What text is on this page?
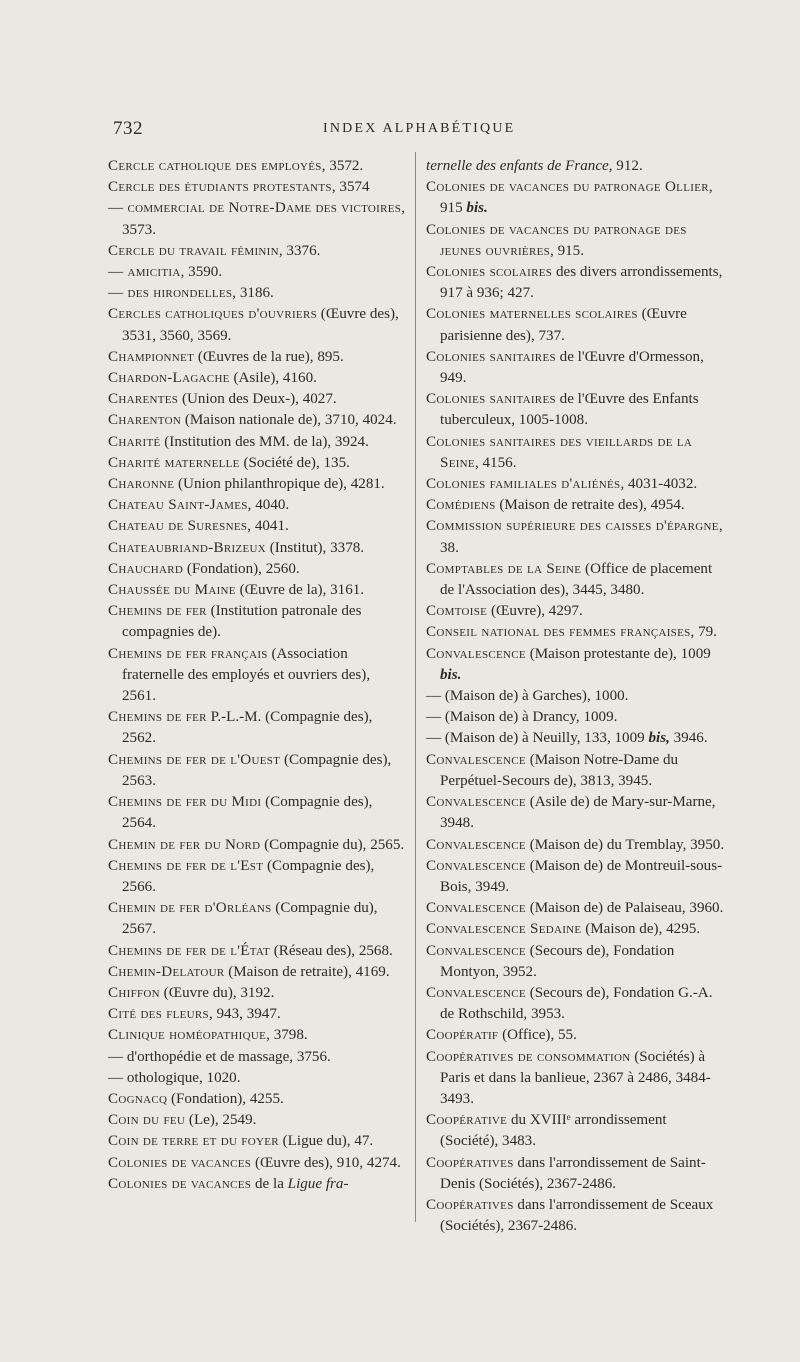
732	INDEX ALPHABÉTIQUE

Cercle catholique des employés, 3572.

Cercle des étudiants protestants, 3574

— commercial de Notre-Dame des victoires, 3573.

Cercle du travail féminin, 3376.

— amicitia, 3590.

— des hirondelles, 3186.

Cercles catholiques d'ouvriers (Œuvre des), 3531, 3560, 3569.

Championnet (Œuvres de la rue), 895.

Chardon-Lagache (Asile), 4160.

Charentes (Union des Deux-), 4027.

Charenton (Maison nationale de), 3710, 4024.

Charité (Institution des MM. de la), 3924.

Charité maternelle (Société de), 135.

Charonne (Union philanthropique de), 4281.

Chateau Saint-James, 4040.

Chateau de Suresnes, 4041.

Chateaubriand-Brizeux (Institut), 3378.

Chauchard (Fondation), 2560.

Chaussée du Maine (Œuvre de la), 3161.

Chemins de fer (Institution patronale des compagnies de).

Chemins de fer français (Association fraternelle des employés et ouvriers des), 2561.

Chemins de fer P.-L.-M. (Compagnie des), 2562.

Chemins de fer de l'Ouest (Compagnie des), 2563.

Chemins de fer du Midi (Compagnie des), 2564.

Chemin de fer du Nord (Compagnie du), 2565.

Chemins de fer de l'Est (Compagnie des), 2566.

Chemin de fer d'Orléans (Compagnie du), 2567.

Chemins de fer de l'État (Réseau des), 2568.

Chemin-Delatour (Maison de retraite), 4169.

Chiffon (Œuvre du), 3192.

Cité des fleurs, 943, 3947.

Clinique homéopathique, 3798.

— d'orthopédie et de massage, 3756.

— othologique, 1020.

Cognacq (Fondation), 4255.

Coin du feu (Le), 2549.

Coin de terre et du foyer (Ligue du), 47.

Colonies de vacances (Œuvre des), 910, 4274.

Colonies de vacances de la Ligue fra-

ternelle des enfants de France, 912.

Colonies de vacances du patronage Ollier, 915 bis.

Colonies de vacances du patronage des jeunes ouvrières, 915.

Colonies scolaires des divers arrondissements, 917 à 936; 427.

Colonies maternelles scolaires (Œuvre parisienne des), 737.

Colonies sanitaires de l'Œuvre d'Ormesson, 949.

Colonies sanitaires de l'Œuvre des Enfants tuberculeux, 1005-1008.

Colonies sanitaires des vieillards de la Seine, 4156.

Colonies familiales d'aliénés, 4031-4032.

Comédiens (Maison de retraite des), 4954.

Commission supérieure des caisses d'épargne, 38.

Comptables de la Seine (Office de placement de l'Association des), 3445, 3480.

Comtoise (Œuvre), 4297.

Conseil national des femmes françaises, 79.

Convalescence (Maison protestante de), 1009 bis.

— (Maison de) à Garches), 1000.

— (Maison de) à Drancy, 1009.

— (Maison de) à Neuilly, 133, 1009 bis, 3946.

Convalescence (Maison Notre-Dame du Perpétuel-Secours de), 3813, 3945.

Convalescence (Asile de) de Mary-sur-Marne, 3948.

Convalescence (Maison de) du Tremblay, 3950.

Convalescence (Maison de) de Montreuil-sous-Bois, 3949.

Convalescence (Maison de) de Palaiseau, 3960.

Convalescence Sedaine (Maison de), 4295.

Convalescence (Secours de), Fondation Montyon, 3952.

Convalescence (Secours de), Fondation G.-A. de Rothschild, 3953.

Coopératif (Office), 55.

Coopératives de consommation (Sociétés) à Paris et dans la banlieue, 2367 à 2486, 3484-3493.

Coopérative du XVIIIᵉ arrondissement (Société), 3483.

Coopératives dans l'arrondissement de Saint-Denis (Sociétés), 2367-2486.

Coopératives dans l'arrondissement de Sceaux (Sociétés), 2367-2486.
